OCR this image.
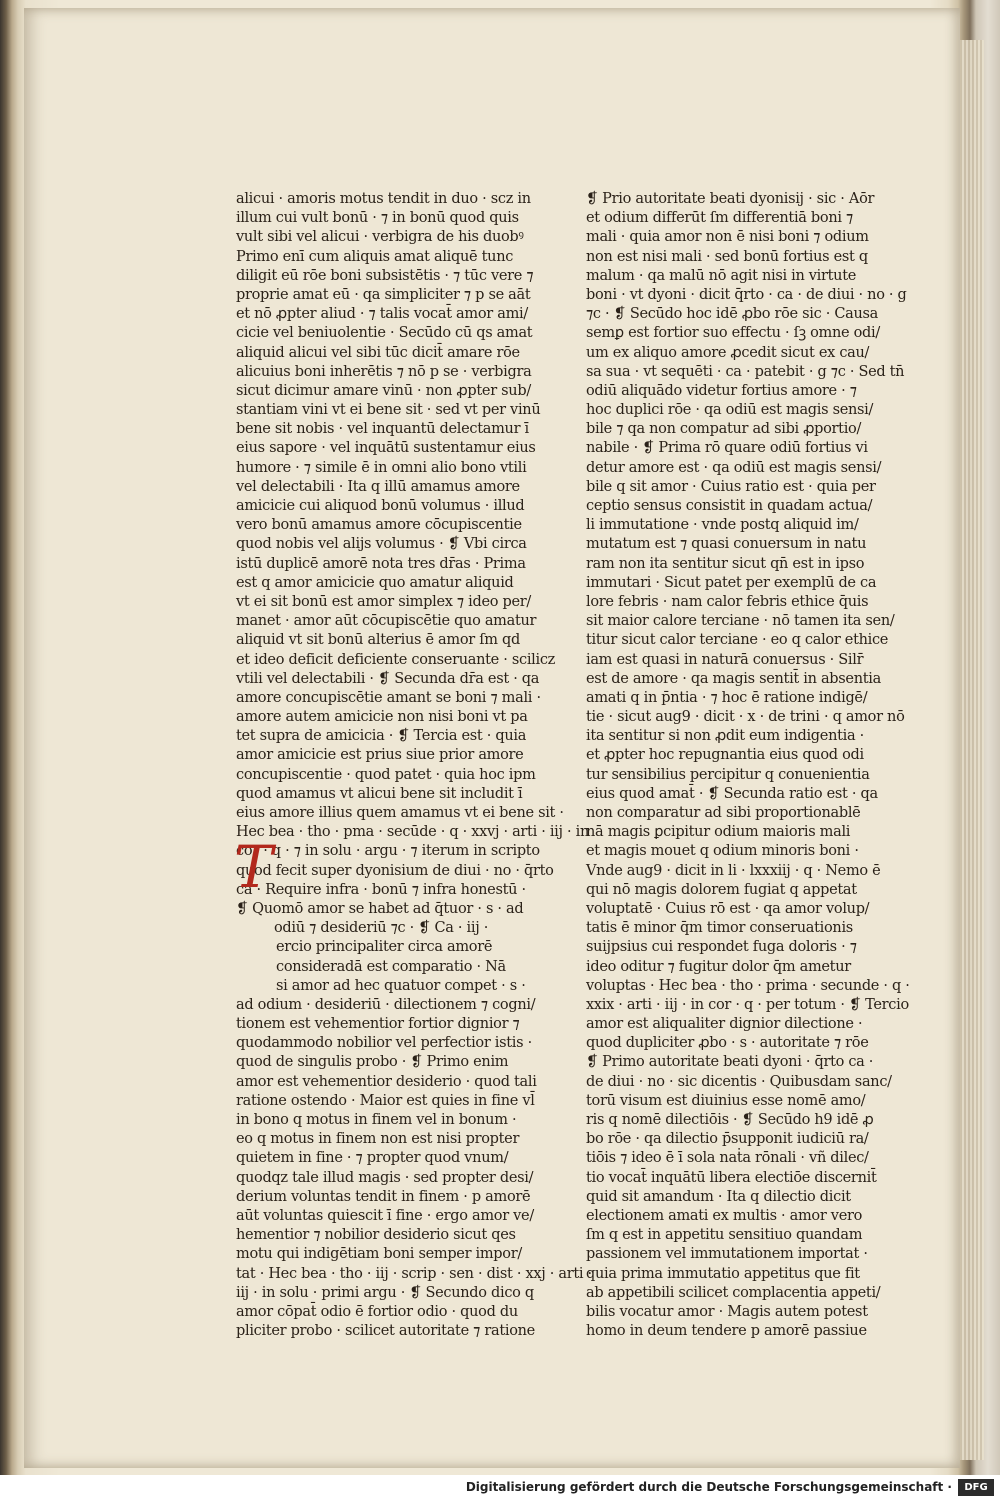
alicui · amoris motus tendit in duo · scz in
illum cui vult bonū · ⁊ in bonū quod quis
vult sibi vel alicui · verbigra de his duobꝰ
Primo enī cum aliquis amat aliquē tunc
diligit eū rōe boni subsistētis · ⁊ tūc vere ⁊
proprie amat eū · qa simpliciter ⁊ p se aāt
et nō ꝓpter aliud · ⁊ talis vocat̄ amor ami/
cicie vel beniuolentie · Secūdo cū qs amat
aliquid alicui vel sibi tūc dicit̄ amare rōe
alicuius boni inherētis ⁊ nō p se · verbigra
sicut dicimur amare vinū · non ꝓpter sub/
stantiam vini vt ei bene sit · sed vt per vinū
bene sit nobis · vel inquantū delectamur ī
eius sapore · vel inquātū sustentamur eius
humore · ⁊ simile ē in omni alio bono vtili
vel delectabili · Ita q illū amamus amore
amicicie cui aliquod bonū volumus · illud
vero bonū amamus amore cōcupiscentie
quod nobis vel alijs volumus · ❡ Vbi circa
istū duplicē amorē nota tres dr̄as · Prima
est q amor amicicie quo amatur aliquid
vt ei sit bonū est amor simplex ⁊ ideo per/
manet · amor aūt cōcupiscētie quo amatur
aliquid vt sit bonū alterius ē amor ſm qd
et ideo deficit deficiente conseruante · scilicz
vtili vel delectabili · ❡ Secunda dr̄a est · qa
amore concupiscētie amant se boni ⁊ mali ·
amore autem amicicie non nisi boni vt pa
tet supra de amicicia · ❡ Tercia est · quia
amor amicicie est prius siue prior amore
concupiscentie · quod patet · quia hoc ipm
quod amamus vt alicui bene sit includit ī
eius amore illius quem amamus vt ei bene sit ·
Hec bea · tho · pma · secūde · q · xxvj · arti · iij · in
cor · q · ⁊ in solu · argu · ⁊ iterum in scripto
quod fecit super dyonisium de diui · no · q̄rto
ca · Require infra · bonū ⁊ infra honestū ·
❡ Quomō amor se habet ad q̄tuor · s · ad
odiū ⁊ desideriū ⁊c · ❡ Ca · iij ·
ercio principaliter circa amorē
consideradā est comparatio · Nā
si amor ad hec quatuor compet · s ·
ad odium · desideriū · dilectionem ⁊ cogni/
tionem est vehementior fortior dignior ⁊
quodammodo nobilior vel perfectior istis ·
quod de singulis probo · ❡ Primo enim
amor est vehementior desiderio · quod tali
ratione ostendo · Maior est quies in fine vl̄
in bono q motus in finem vel in bonum ·
eo q motus in finem non est nisi propter
quietem in fine · ⁊ propter quod vnum/
quodqz tale illud magis · sed propter desi/
derium voluntas tendit in finem · p amorē
aūt voluntas quiescit ī fine · ergo amor ve/
hementior ⁊ nobilior desiderio sicut qes
motu qui indigētiam boni semper impor/
tat · Hec bea · tho · iij · scrip · sen · dist · xxj · arti ·
iij · in solu · primi argu · ❡ Secundo dico q
amor cōpat̄ odio ē fortior odio · quod du
pliciter probo · scilicet autoritate ⁊ ratione
❡ Prio autoritate beati dyonisij · sic · Aōr
et odium differūt ſm differentiā boni ⁊
mali · quia amor non ē nisi boni ⁊ odium
non est nisi mali · sed bonū fortius est q
malum · qa malū nō agit nisi in virtute
boni · vt dyoni · dicit q̄rto · ca · de diui · no · g
⁊c · ❡ Secūdo hoc idē ꝓbo rōe sic · Causa
semꝑ est fortior suo effectu · ſꝫ omne odi/
um ex aliquo amore ꝓcedit sicut ex cau/
sa sua · vt sequēti · ca · patebit · g ⁊c · Sed tn̄
odiū aliquādo videtur fortius amore · ⁊
hoc duplici rōe · qa odiū est magis sensi/
bile ⁊ qa non compatur ad sibi ꝓportio/
nabile · ❡ Prima rō quare odiū fortius vi
detur amore est · qa odiū est magis sensi/
bile q sit amor · Cuius ratio est · quia per
ceptio sensus consistit in quadam actua/
li immutatione · vnde postq aliquid im/
mutatum est ⁊ quasi conuersum in natu
ram non ita sentitur sicut qn̄ est in ipso
immutari · Sicut patet per exemplū de ca
lore febris · nam calor febris ethice q̄uis
sit maior calore terciane · nō tamen ita sen/
titur sicut calor terciane · eo q calor ethice
iam est quasi in naturā conuersus · Silr̄
est de amore · qa magis sentit̄ in absentia
amati q in p̄ntia · ⁊ hoc ē ratione indigē/
tie · sicut aug9 · dicit · x · de trini · q amor nō
ita sentitur si non ꝓdit eum indigentia ·
et ꝓpter hoc repugnantia eius quod odi
tur sensibilius percipitur q conuenientia
eius quod amat̄ · ❡ Secunda ratio est · qa
non comparatur ad sibi proportionablē
nā magis ꝑcipitur odium maioris mali
et magis mouet q odium minoris boni ·
Vnde aug9 · dicit in li · lxxxiij · q · Nemo ē
qui nō magis dolorem fugiat q appetat
voluptatē · Cuius rō est · qa amor volup/
tatis ē minor q̄m timor conseruationis
suijpsius cui respondet fuga doloris · ⁊
ideo oditur ⁊ fugitur dolor q̄m ametur
voluptas · Hec bea · tho · prima · secunde · q ·
xxix · arti · iij · in cor · q · per totum · ❡ Tercio
amor est aliqualiter dignior dilectione ·
quod dupliciter ꝓbo · s · autoritate ⁊ rōe
❡ Primo autoritate beati dyoni · q̄rto ca ·
de diui · no · sic dicentis · Quibusdam sanc/
torū visum est diuinius esse nomē amo/
ris q nomē dilectiōis · ❡ Secūdo h9 idē ꝓ
bo rōe · qa dilectio p̄supponit iudiciū ra/
tiōis ⁊ ideo ē ī sola naṫa rōnali · vñ dilec/
tio vocat̄ inquātū libera electiōe discernit̄
quid sit amandum · Ita q dilectio dicit
electionem amati ex multis · amor vero
ſm q est in appetitu sensitiuo quandam
passionem vel immutationem importat ·
quia prima immutatio appetitus que fit
ab appetibili scilicet complacentia appeti/
bilis vocatur amor · Magis autem potest
homo in deum tendere p amorē passiue
T
Digitalisierung gefördert durch die Deutsche Forschungsgemeinschaft ·	DFG
